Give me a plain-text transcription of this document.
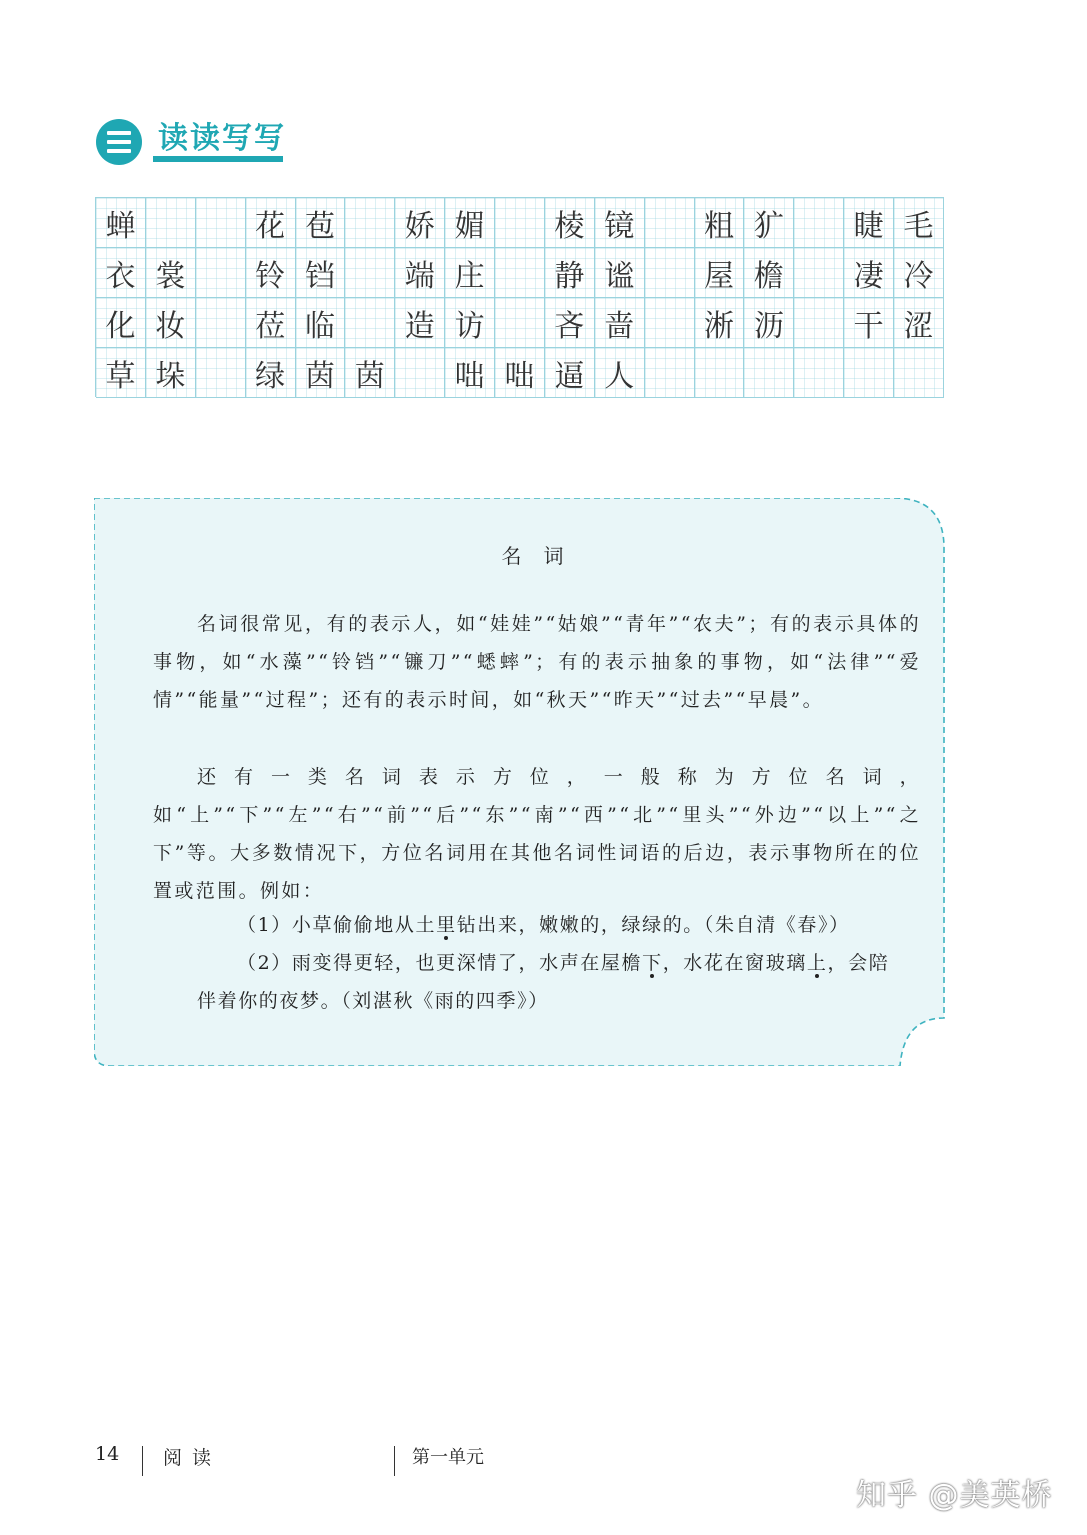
读读写写
蝉	花 苞	娇 媚	棱 镜	粗 犷	睫 毛
衣 裳	铃 铛	端 庄	静 谧	屋 檐	凄 冷
化 妆	莅 临	造 访	吝 啬	淅 沥	干 涩
草 垛	绿 茵 茵	咄 咄 逼 人
名词
名词很常见，有的表示人，如“娃娃”“姑娘”“青年”“农夫”；有的表示具体的事物，如“水藻”“铃铛”“镰刀”“蟋蟀”；有的表示抽象的事物，如“法律”“爱情”“能量”“过程”；还有的表示时间，如“秋天”“昨天”“过去”“早晨”。
还有一类名词表示方位，一般称为方位名词，如“上”“下”“左”“右”“前”“后”“东”“南”“西”“北”“里头”“外边”“以上”“之下”等。大多数情况下，方位名词用在其他名词性词语的后边，表示事物所在的位置或范围。例如：
（1）小草偷偷地从土里钻出来，嫩嫩的，绿绿的。（朱自清《春》）
（2）雨变得更轻，也更深情了，水声在屋檐下，水花在窗玻璃上，会陪
伴着你的夜梦。（刘湛秋《雨的四季》）
14 阅读	第一单元
知乎 @美英桥
